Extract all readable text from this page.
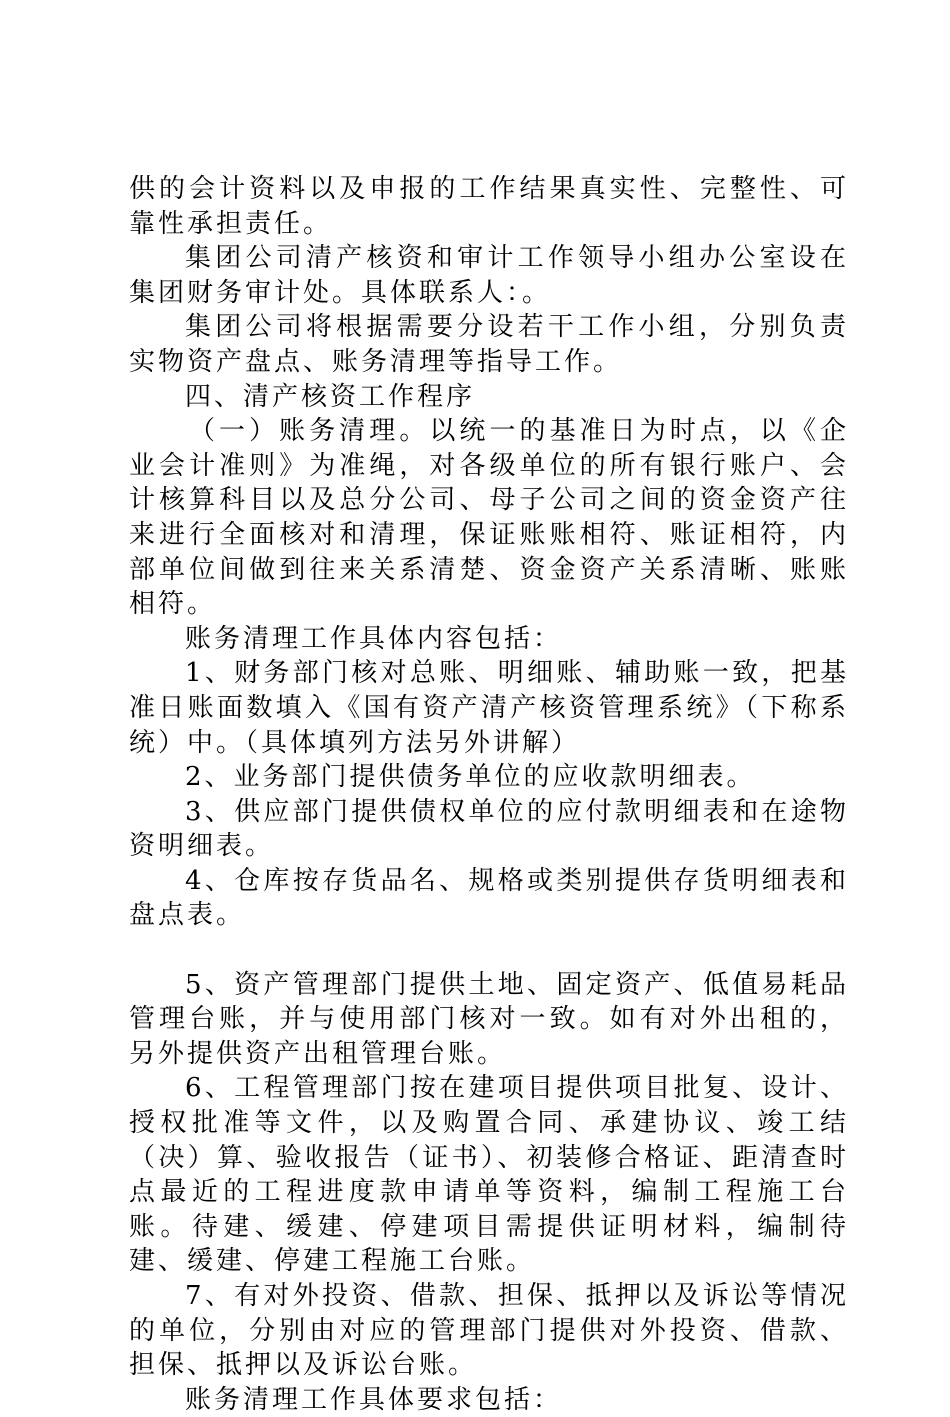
供的会计资料以及申报的工作结果真实性、完整性、可靠性承担责任。

集团公司清产核资和审计工作领导小组办公室设在集团财务审计处。具体联系人：。

集团公司将根据需要分设若干工作小组，分别负责实物资产盘点、账务清理等指导工作。

四、清产核资工作程序

（一）账务清理。以统一的基准日为时点，以《企业会计准则》为准绳，对各级单位的所有银行账户、会计核算科目以及总分公司、母子公司之间的资金资产往来进行全面核对和清理，保证账账相符、账证相符，内部单位间做到往来关系清楚、资金资产关系清晰、账账相符。

账务清理工作具体内容包括：

1、财务部门核对总账、明细账、辅助账一致，把基准日账面数填入《国有资产清产核资管理系统》（下称系统）中。（具体填列方法另外讲解）

2、业务部门提供债务单位的应收款明细表。

3、供应部门提供债权单位的应付款明细表和在途物资明细表。

4、仓库按存货品名、规格或类别提供存货明细表和盘点表。

5、资产管理部门提供土地、固定资产、低值易耗品管理台账，并与使用部门核对一致。如有对外出租的，另外提供资产出租管理台账。

6、工程管理部门按在建项目提供项目批复、设计、授权批准等文件，以及购置合同、承建协议、竣工结（决）算、验收报告（证书）、初装修合格证、距清查时点最近的工程进度款申请单等资料，编制工程施工台账。待建、缓建、停建项目需提供证明材料，编制待建、缓建、停建工程施工台账。

7、有对外投资、借款、担保、抵押以及诉讼等情况的单位，分别由对应的管理部门提供对外投资、借款、担保、抵押以及诉讼台账。

账务清理工作具体要求包括：
